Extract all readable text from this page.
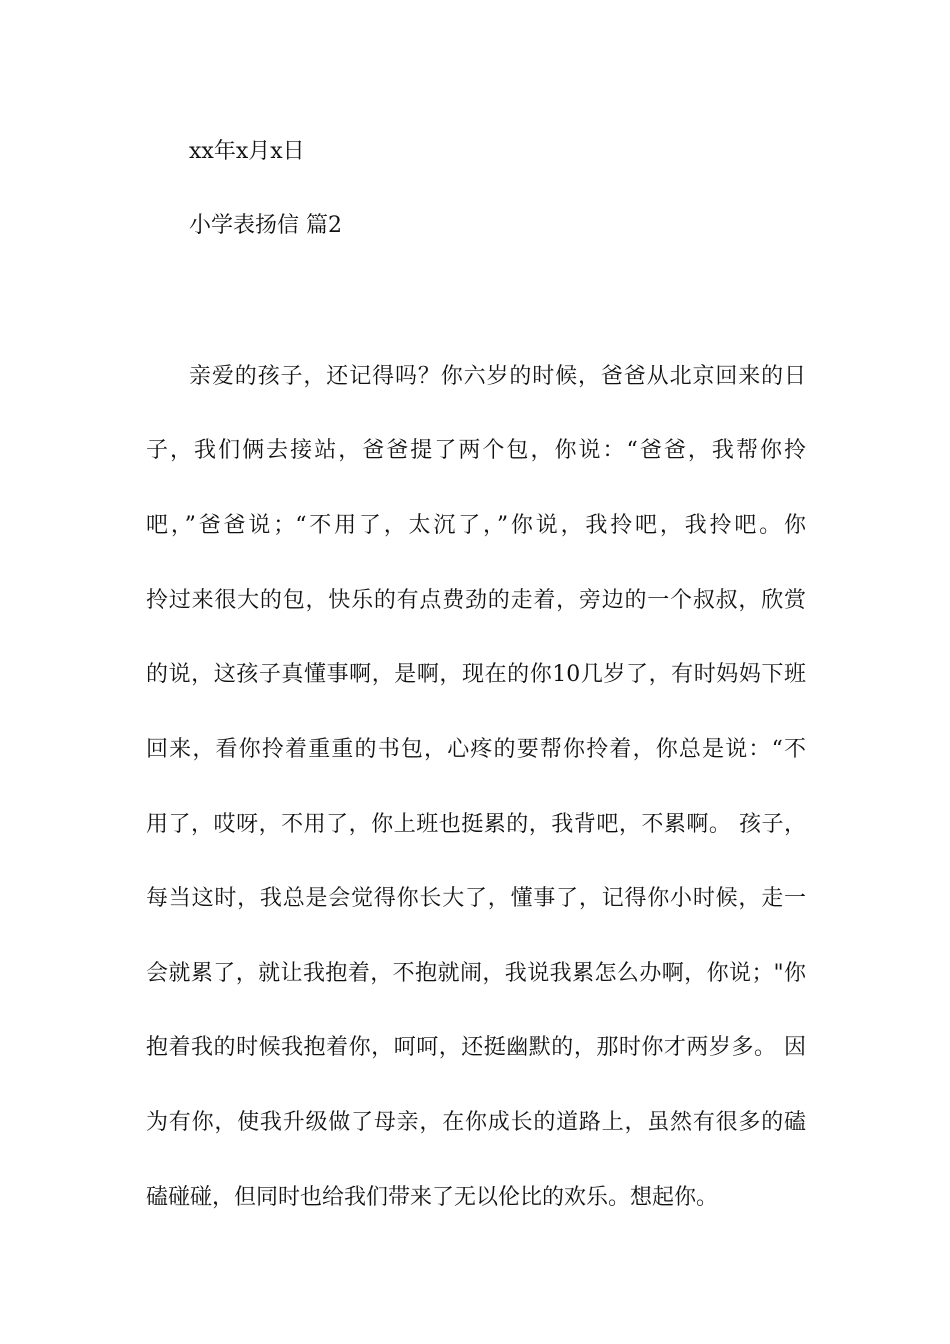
xx年x月x日
小学表扬信 篇2
亲爱的孩子，还记得吗？你六岁的时候，爸爸从北京回来的日
子，我们俩去接站，爸爸提了两个包，你说：“爸爸，我帮你拎
吧，”爸爸说；“不用了，太沉了，”你说，我拎吧，我拎吧。你
拎过来很大的包，快乐的有点费劲的走着，旁边的一个叔叔，欣赏
的说，这孩子真懂事啊，是啊，现在的你10几岁了，有时妈妈下班
回来，看你拎着重重的书包，心疼的要帮你拎着，你总是说：“不
用了，哎呀，不用了，你上班也挺累的，我背吧，不累啊。 孩子，
每当这时，我总是会觉得你长大了，懂事了，记得你小时候，走一
会就累了，就让我抱着，不抱就闹，我说我累怎么办啊，你说；"你
抱着我的时候我抱着你，呵呵，还挺幽默的，那时你才两岁多。 因
为有你，使我升级做了母亲，在你成长的道路上，虽然有很多的磕
磕碰碰，但同时也给我们带来了无以伦比的欢乐。想起你。
